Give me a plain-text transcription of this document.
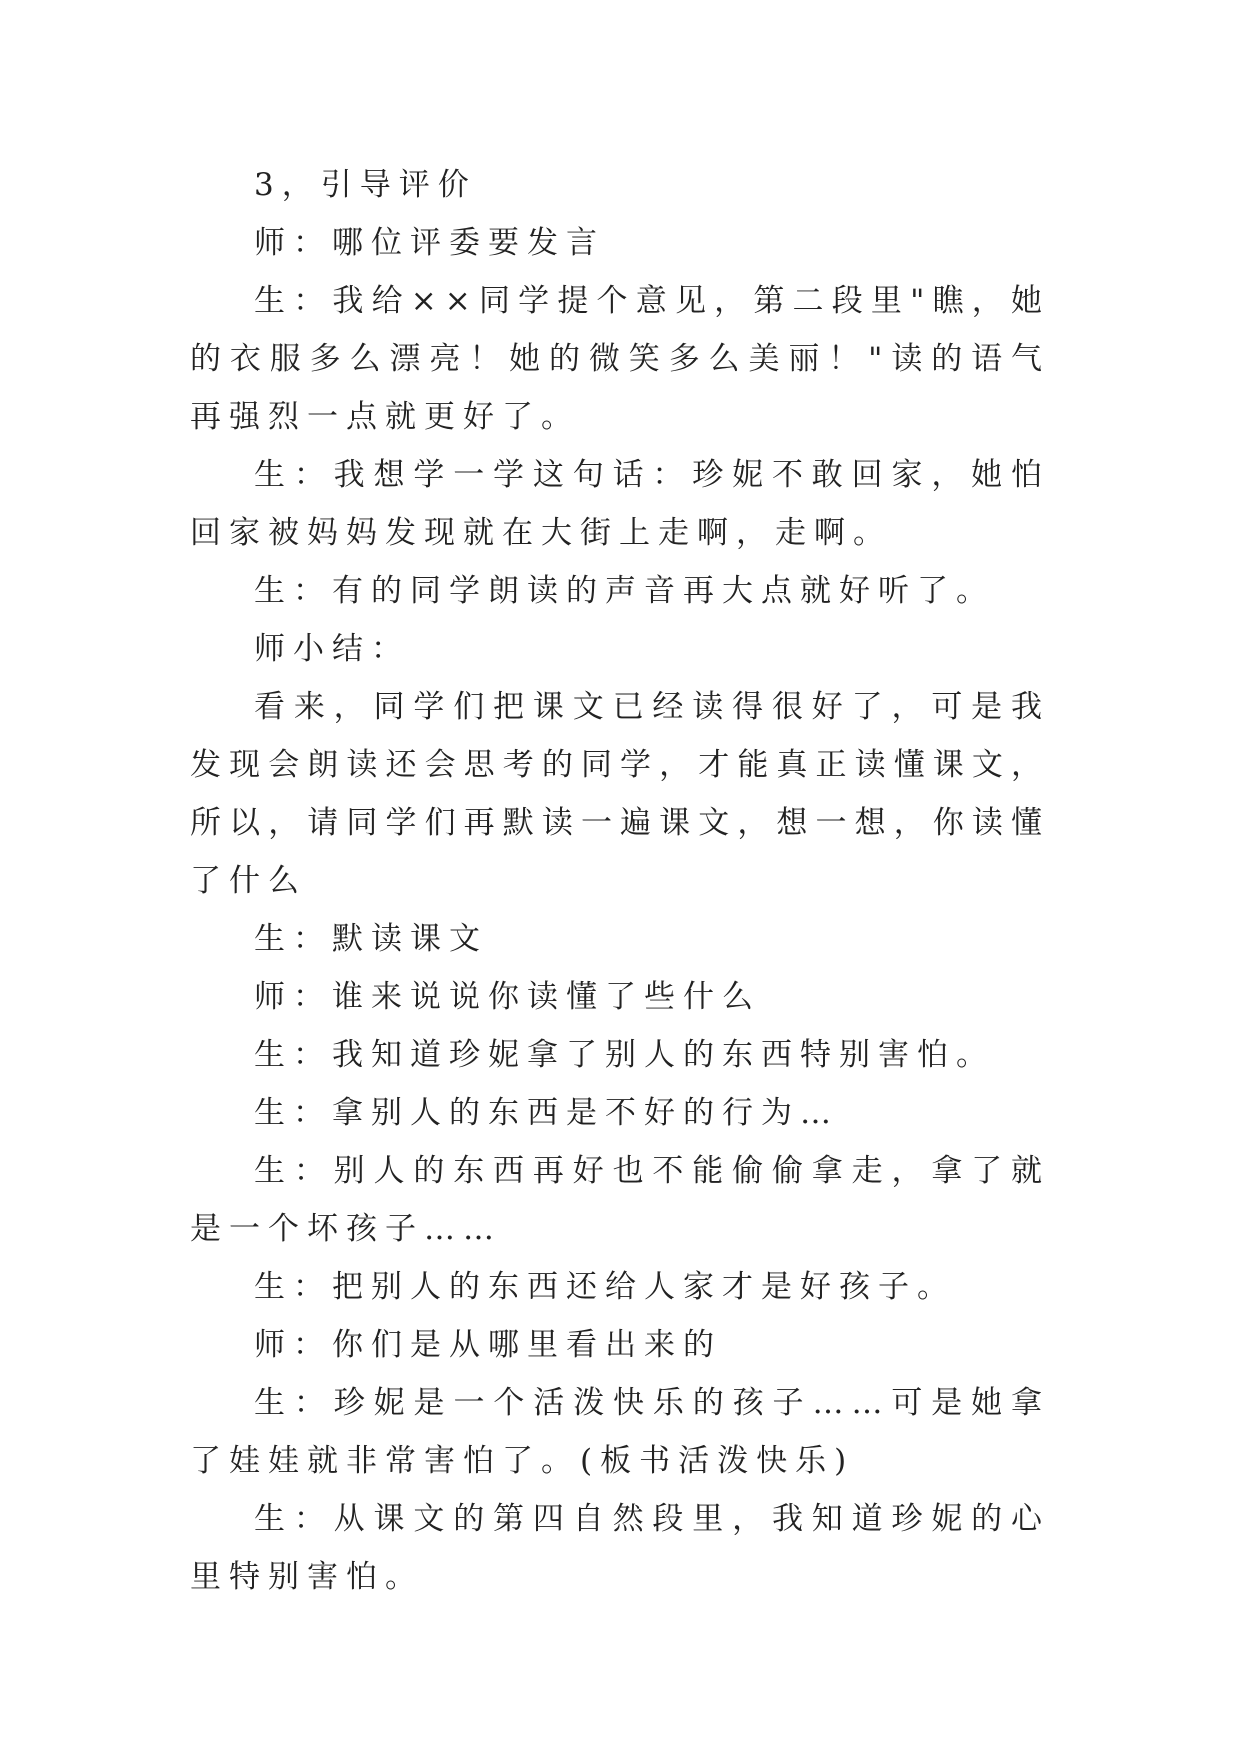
3，引导评价

师：哪位评委要发言

生：我给××同学提个意见，第二段里"瞧，她的衣服多么漂亮！她的微笑多么美丽！"读的语气再强烈一点就更好了。

生：我想学一学这句话：珍妮不敢回家，她怕回家被妈妈发现就在大街上走啊，走啊。

生：有的同学朗读的声音再大点就好听了。

师小结：

看来，同学们把课文已经读得很好了，可是我发现会朗读还会思考的同学，才能真正读懂课文，所以，请同学们再默读一遍课文，想一想，你读懂了什么

生：默读课文

师：谁来说说你读懂了些什么

生：我知道珍妮拿了别人的东西特别害怕。

生：拿别人的东西是不好的行为…

生：别人的东西再好也不能偷偷拿走，拿了就是一个坏孩子……

生：把别人的东西还给人家才是好孩子。

师：你们是从哪里看出来的

生：珍妮是一个活泼快乐的孩子……可是她拿了娃娃就非常害怕了。(板书活泼快乐)

生：从课文的第四自然段里，我知道珍妮的心里特别害怕。
